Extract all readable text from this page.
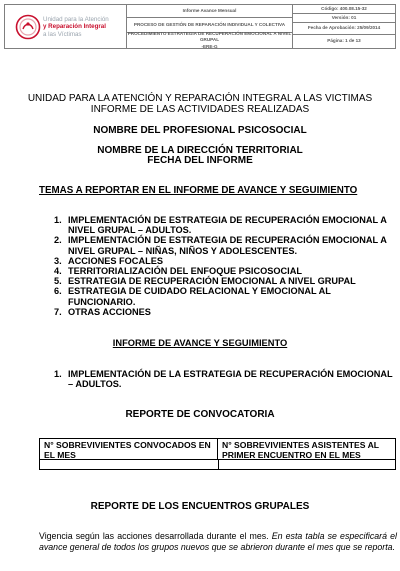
Unidad para la Atención
y Reparación Integral
a las Víctimas
Informe Avance Mensual
PROCESO DE GESTIÓN DE REPARACIÓN INDIVIDUAL Y COLECTIVA
PROCEDIMIENTO ESTRATEGIA DE RECUPERACIÓN EMOCIONAL A NIVEL GRUPAL
-ERE-G
Código: 400.08.15-32
Versión: 01
Fecha de Aprobación: 25/09/2014
Página: 1 de 13
UNIDAD PARA LA ATENCIÓN Y REPARACIÓN INTEGRAL A LAS VICTIMAS
INFORME DE LAS ACTIVIDADES REALIZADAS
NOMBRE DEL PROFESIONAL PSICOSOCIAL
NOMBRE DE LA DIRECCIÓN TERRITORIAL
FECHA DEL INFORME
TEMAS A REPORTAR EN EL INFORME DE AVANCE Y SEGUIMIENTO
1. IMPLEMENTACIÓN DE ESTRATEGIA DE RECUPERACIÓN EMOCIONAL A NIVEL GRUPAL – ADULTOS.
2. IMPLEMENTACIÓN DE ESTRATEGIA DE RECUPERACIÓN EMOCIONAL A NIVEL GRUPAL – NIÑAS, NIÑOS Y ADOLESCENTES.
3. ACCIONES FOCALES
4. TERRITORIALIZACIÓN DEL ENFOQUE PSICOSOCIAL
5. ESTRATEGIA DE RECUPERACIÓN EMOCIONAL A NIVEL GRUPAL
6. ESTRATEGIA DE CUIDADO RELACIONAL Y EMOCIONAL AL FUNCIONARIO.
7. OTRAS ACCIONES
INFORME DE AVANCE Y SEGUIMIENTO
1. IMPLEMENTACIÓN DE LA ESTRATEGIA DE RECUPERACIÓN EMOCIONAL – ADULTOS.
REPORTE DE CONVOCATORIA
N° SOBREVIVIENTES CONVOCADOS EN EL MES
N° SOBREVIVIENTES ASISTENTES AL PRIMER ENCUENTRO EN EL MES
REPORTE DE LOS ENCUENTROS GRUPALES
Vigencia según las acciones desarrollada durante el mes. En esta tabla se especificará el avance general de todos los grupos nuevos que se abrieron durante el mes que se reporta.
